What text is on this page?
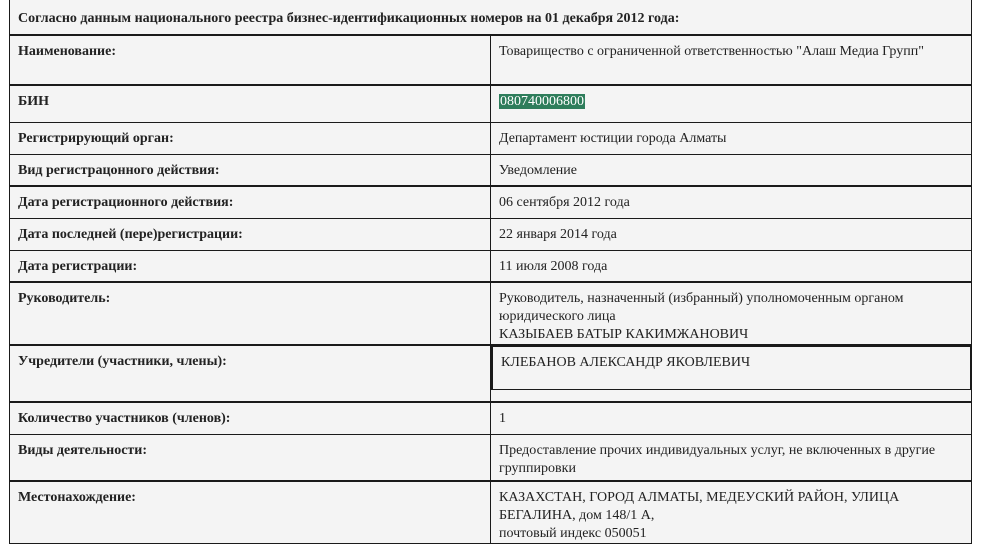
Согласно данным национального реестра бизнес-идентификационных номеров на 01 декабря 2012 года:	
Наименование:	Товарищество с ограниченной ответственностью "Алаш Медиа Групп"
БИН	080740006800
Регистрирующий орган:	Департамент юстиции города Алматы
Вид регистрацонного действия:	Уведомление
Дата регистрационного действия:	06 сентября 2012 года
Дата последней (пере)регистрации:	22 января 2014 года
Дата регистрации:	11 июля 2008 года
Руководитель:	Руководитель, назначенный (избранный) уполномоченным органом юридического лица
КАЗЫБАЕВ БАТЫР КАКИМЖАНОВИЧ

Учредители (участники, члены):	КЛЕБАНОВ АЛЕКСАНДР ЯКОВЛЕВИЧ

Количество участников (членов):	1
Виды деятельности:	Предоставление прочих индивидуальных услуг, не включенных в другие группировки
Местонахождение:	КАЗАХСТАН, ГОРОД АЛМАТЫ, МЕДЕУСКИЙ РАЙОН, УЛИЦА БЕГАЛИНА, дом 148/1 А,
почтовый индекс 050051
